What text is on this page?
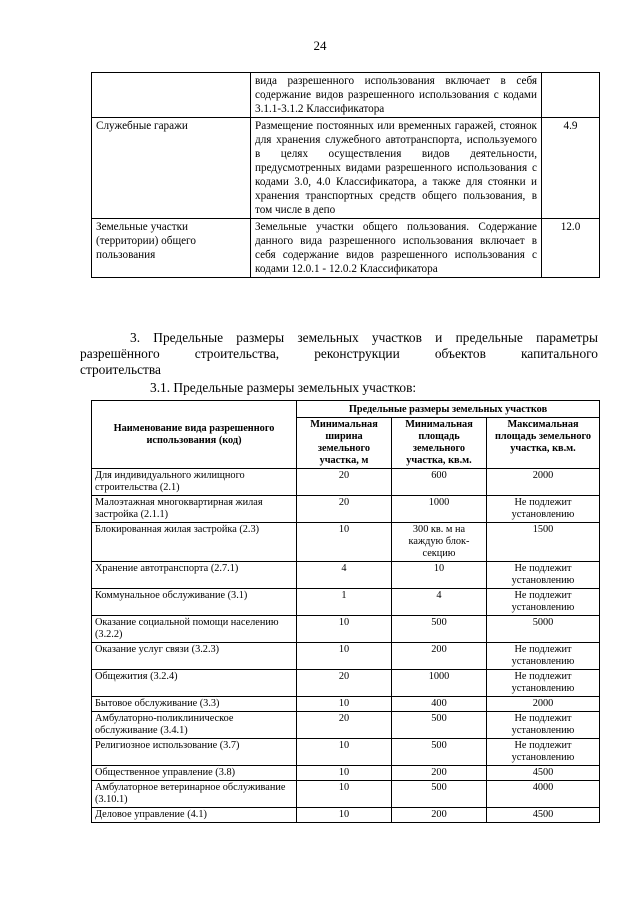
24
	вида разрешенного использования включает в себя содержание видов разрешенного использования с кодами 3.1.1-3.1.2 Классификатора	
Служебные гаражи	Размещение постоянных или временных гаражей, стоянок для хранения служебного автотранспорта, используемого в целях осуществления видов деятельности, предусмотренных видами разрешенного использования с кодами 3.0, 4.0 Классификатора, а также для стоянки и хранения транспортных средств общего пользования, в том числе в депо	4.9
Земельные участки (территории) общего пользования	Земельные участки общего пользования. Содержание данного вида разрешенного использования включает в себя содержание видов разрешенного использования с кодами 12.0.1 - 12.0.2 Классификатора	12.0
3. Предельные размеры земельных участков и предельные параметры
разрешённого строительства, реконструкции объектов капитального
строительства
3.1. Предельные размеры земельных участков:
Наименование вида разрешенного использования (код)	Предельные размеры земельных участков		
	Минимальная ширина земельного участка, м	Минимальная площадь земельного участка, кв.м.	Максимальная площадь земельного участка, кв.м.
Для индивидуального жилищного строительства (2.1)	20	600	2000
Малоэтажная многоквартирная жилая застройка (2.1.1)	20	1000	Не подлежит установлению
Блокированная жилая застройка (2.3)	10	300 кв. м на каждую блок-секцию	1500
Хранение автотранспорта (2.7.1)	4	10	Не подлежит установлению
Коммунальное обслуживание (3.1)	1	4	Не подлежит установлению
Оказание социальной помощи населению (3.2.2)	10	500	5000
Оказание услуг связи (3.2.3)	10	200	Не подлежит установлению
Общежития (3.2.4)	20	1000	Не подлежит установлению
Бытовое обслуживание (3.3)	10	400	2000
Амбулаторно-поликлиническое обслуживание (3.4.1)	20	500	Не подлежит установлению
Религиозное использование (3.7)	10	500	Не подлежит установлению
Общественное управление (3.8)	10	200	4500
Амбулаторное ветеринарное обслуживание (3.10.1)	10	500	4000
Деловое управление (4.1)	10	200	4500
